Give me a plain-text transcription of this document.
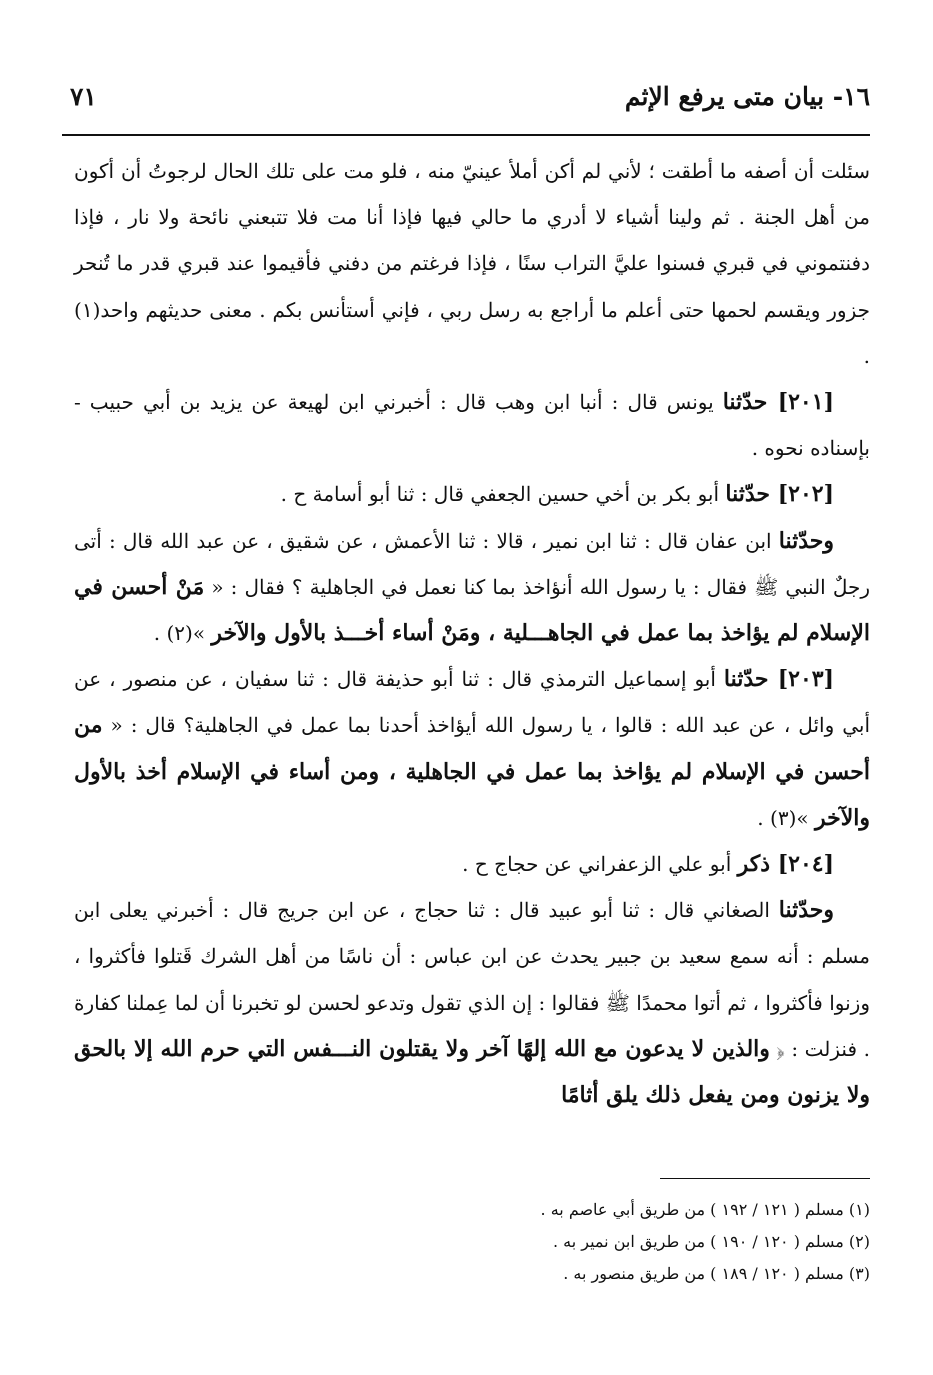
١٦- بيان متى يرفع الإثم
٧١

سئلت أن أصفه ما أطقت ؛ لأني لم أكن أملأ عينيّ منه ، فلو مت على تلك الحال لرجوتُ أن أكون من أهل الجنة . ثم ولينا أشياء لا أدري ما حالي فيها فإذا أنا مت فلا تتبعني نائحة ولا نار ، فإذا دفنتموني في قبري فسنوا عليَّ التراب سنًا ، فإذا فرغتم من دفني فأقيموا عند قبري قدر ما تُنحر جزور ويقسم لحمها حتى أعلم ما أراجع به رسل ربي ، فإني أستأنس بكم . معنى حديثهم واحد(١) .

[٢٠١] حدّثنا يونس قال : أنبا ابن وهب قال : أخبرني ابن لهيعة عن يزيد بن أبي حبيب - بإسناده نحوه .

[٢٠٢] حدّثنا أبو بكر بن أخي حسين الجعفي قال : ثنا أبو أسامة ح .

وحدّثنا ابن عفان قال : ثنا ابن نمير ، قالا : ثنا الأعمش ، عن شقيق ، عن عبد الله قال : أتى رجلٌ النبي ﷺ فقال : يا رسول الله أنؤاخذ بما كنا نعمل في الجاهلية ؟ فقال : « مَنْ أحسن في الإسلام لم يؤاخذ بما عمل في الجاهـــلية ، ومَنْ أساء أخـــذ بالأول والآخر »(٢) .

[٢٠٣] حدّثنا أبو إسماعيل الترمذي قال : ثنا أبو حذيفة قال : ثنا سفيان ، عن منصور ، عن أبي وائل ، عن عبد الله : قالوا ، يا رسول الله أيؤاخذ أحدنا بما عمل في الجاهلية؟ قال : « من أحسن في الإسلام لم يؤاخذ بما عمل في الجاهلية ، ومن أساء في الإسلام أخذ بالأول والآخر »(٣) .

[٢٠٤] ذكر أبو علي الزعفراني عن حجاج ح .

وحدّثنا الصغاني قال : ثنا أبو عبيد قال : ثنا حجاج ، عن ابن جريج قال : أخبرني يعلى ابن مسلم : أنه سمع سعيد بن جبير يحدث عن ابن عباس : أن ناسًا من أهل الشرك قَتلوا فأكثروا ، وزنوا فأكثروا ، ثم أتوا محمدًا ﷺ فقالوا : إن الذي تقول وتدعو لحسن لو تخبرنا أن لما عِملنا كفارة . فنزلت : ﴿ والذين لا يدعون مع الله إلهًا آخر ولا يقتلون النـــفس التي حرم الله إلا بالحق ولا يزنون ومن يفعل ذلك يلق أثامًا

(١) مسلم ( ١٢١ / ١٩٢ ) من طريق أبي عاصم به .

(٢) مسلم ( ١٢٠ / ١٩٠ ) من طريق ابن نمير به .

(٣) مسلم ( ١٢٠ / ١٨٩ ) من طريق منصور به .
